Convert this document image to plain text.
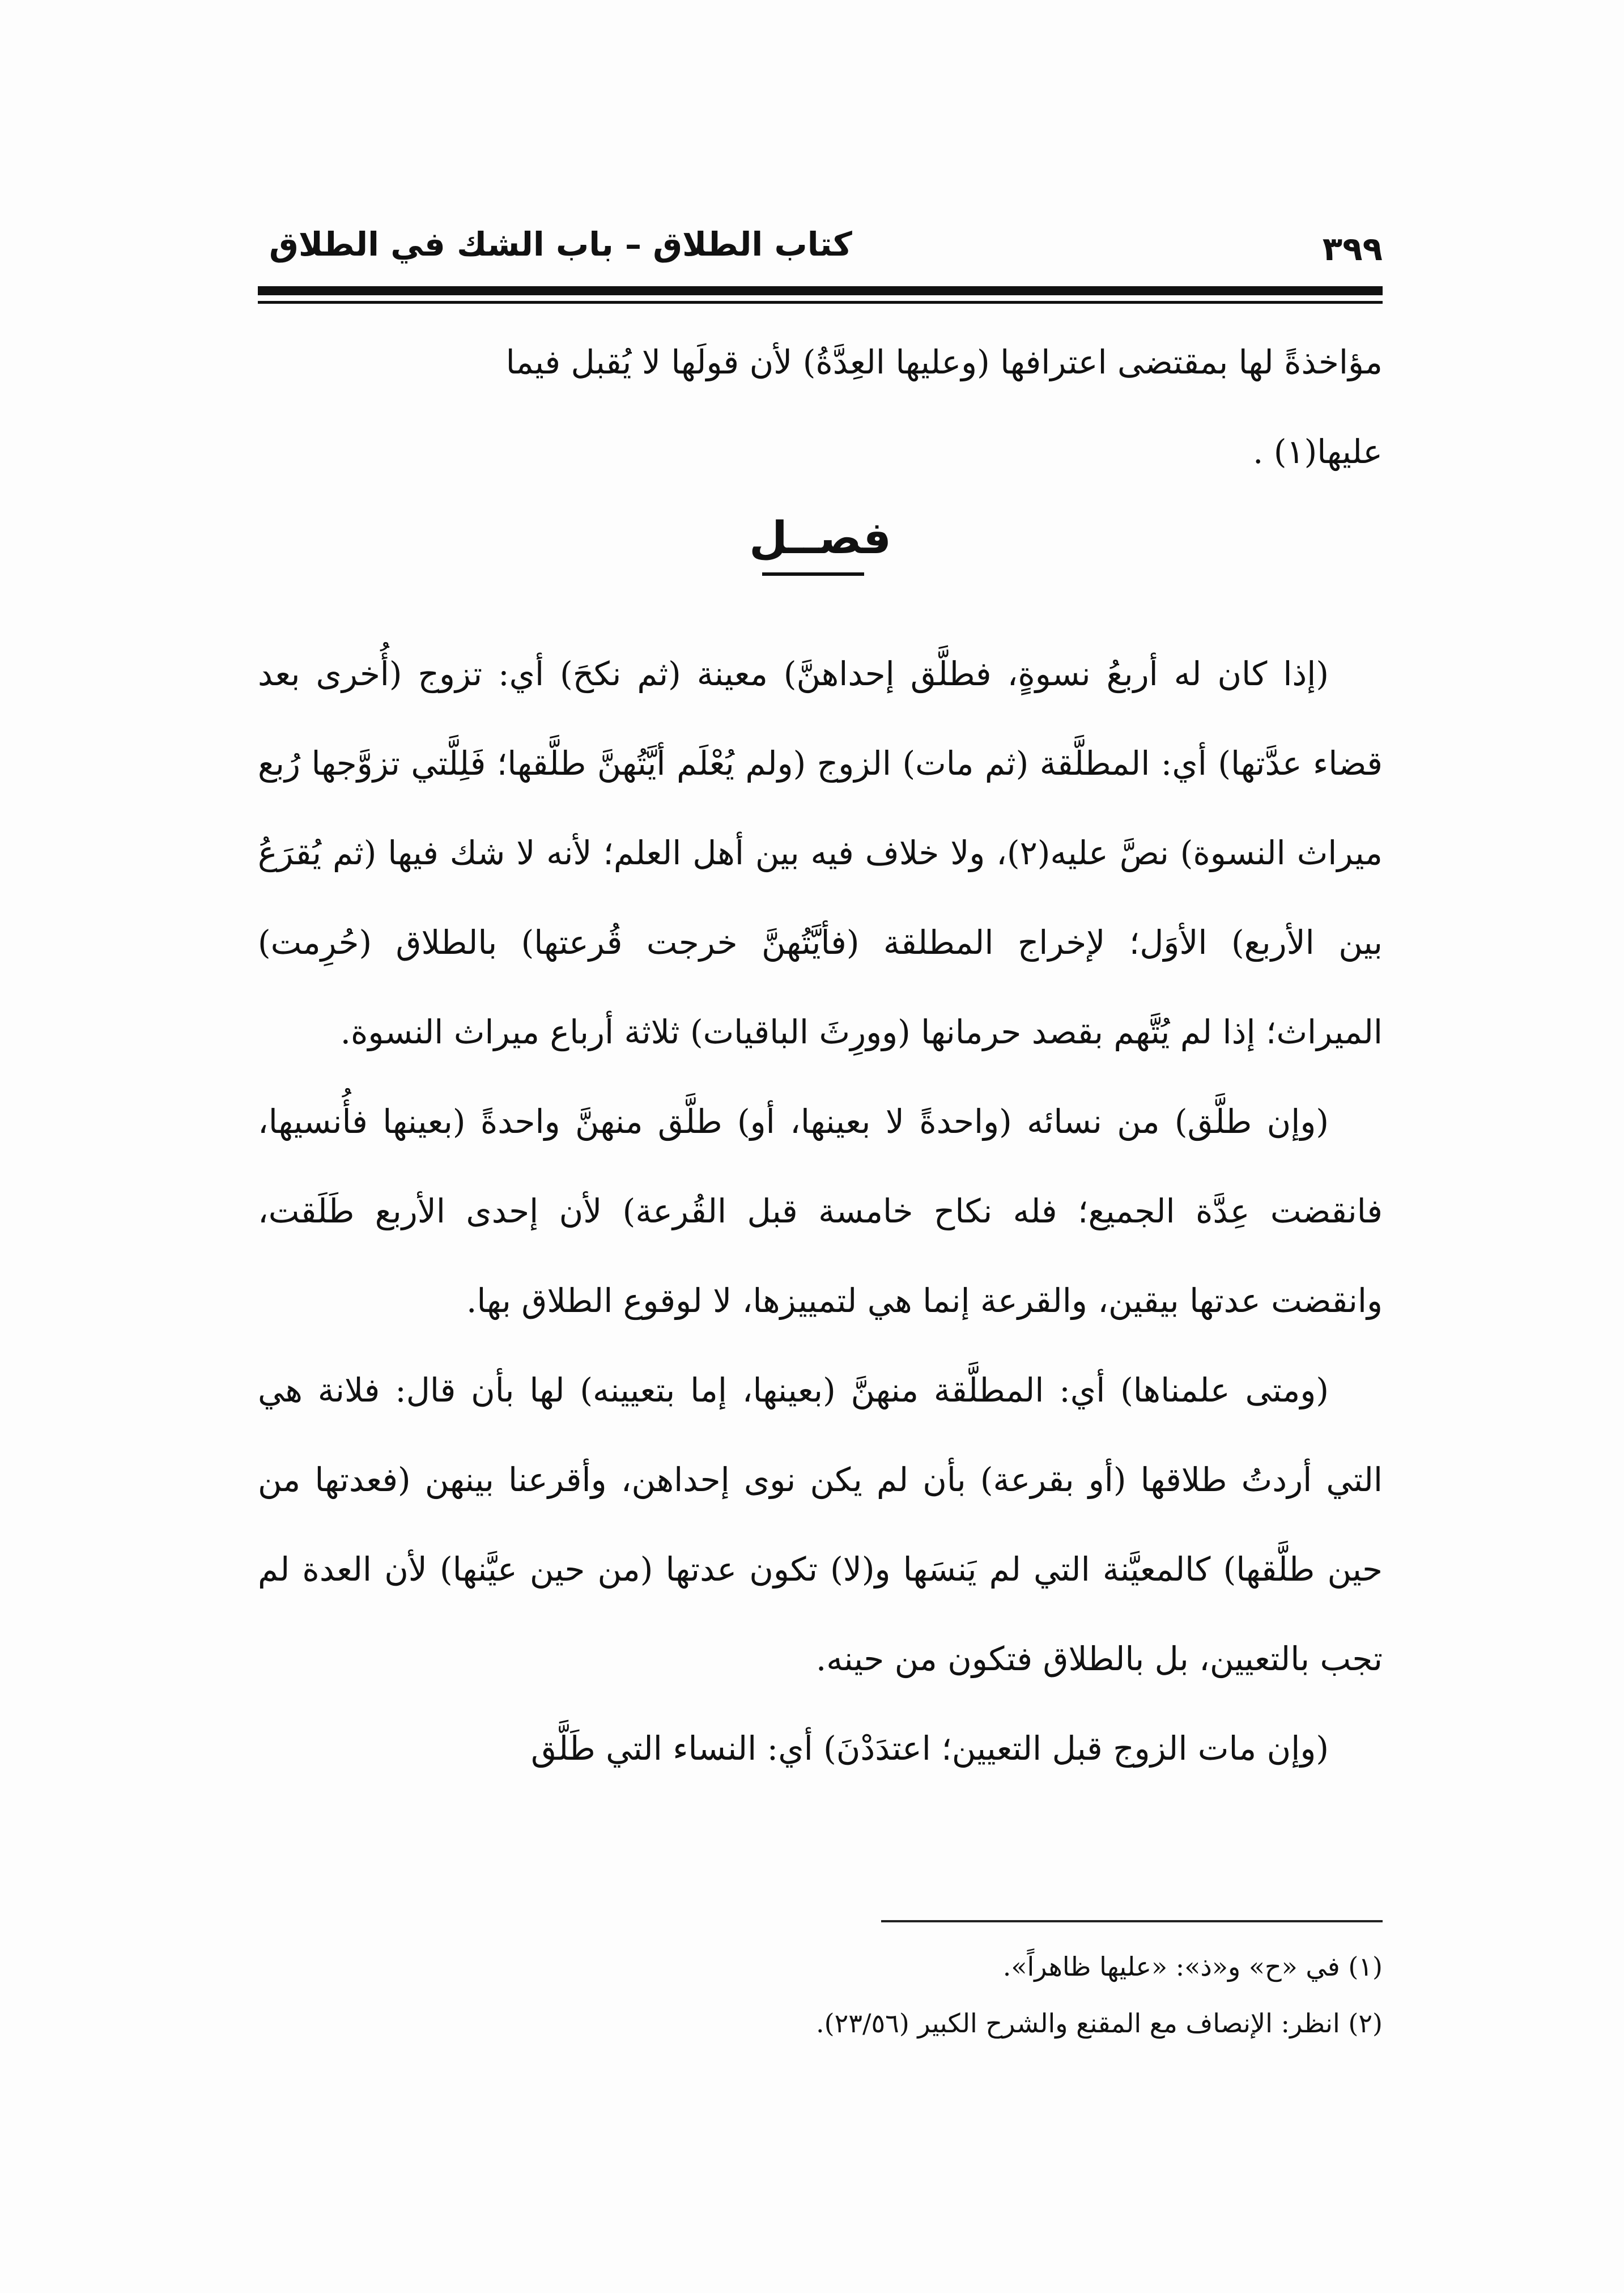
٣٩٩
كتاب الطلاق – باب الشك في الطلاق

مؤاخذةً لها بمقتضى اعترافها (وعليها العِدَّةُ) لأن قولَها لا يُقبل فيما

عليها(١) .

فصــل

(إذا كان له أربعُ نسوةٍ، فطلَّق إحداهنَّ) معينة (ثم نكحَ) أي: تزوج (أُخرى بعد قضاء عدَّتها) أي: المطلَّقة (ثم مات) الزوج (ولم يُعْلَم أيَّتُهنَّ طلَّقها؛ فَلِلَّتي تزوَّجها رُبع ميراث النسوة) نصَّ عليه(٢)، ولا خلاف فيه بين أهل العلم؛ لأنه لا شك فيها (ثم يُقرَعُ بين الأربع) الأوَل؛ لإخراج المطلقة (فأيَّتُهنَّ خرجت قُرعتها) بالطلاق (حُرِمت) الميراث؛ إذا لم يُتَّهم بقصد حرمانها (وورِثَ الباقيات) ثلاثة أرباع ميراث النسوة.

(وإن طلَّق) من نسائه (واحدةً لا بعينها، أو) طلَّق منهنَّ واحدةً (بعينها فأُنسيها، فانقضت عِدَّة الجميع؛ فله نكاح خامسة قبل القُرعة) لأن إحدى الأربع طَلَقت، وانقضت عدتها بيقين، والقرعة إنما هي لتمييزها، لا لوقوع الطلاق بها.

(ومتى علمناها) أي: المطلَّقة منهنَّ (بعينها، إما بتعيينه) لها بأن قال: فلانة هي التي أردتُ طلاقها (أو بقرعة) بأن لم يكن نوى إحداهن، وأقرعنا بينهن (فعدتها من حين طلَّقها) كالمعيَّنة التي لم يَنسَها و(لا) تكون عدتها (من حين عيَّنها) لأن العدة لم تجب بالتعيين، بل بالطلاق فتكون من حينه.

(وإن مات الزوج قبل التعيين؛ اعتدَدْنَ) أي: النساء التي طَلَّق

(١) في «ح» و«ذ»: «عليها ظاهراً».
(٢) انظر: الإنصاف مع المقنع والشرح الكبير (٢٣/٥٦).
